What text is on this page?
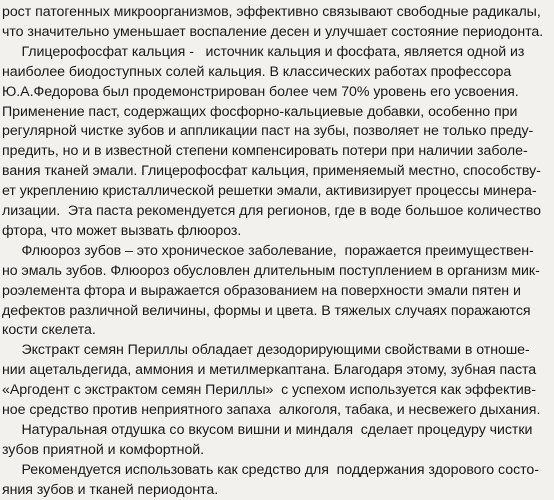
рост патогенных микроорганизмов, эффективно связывают свободные радикалы,
что значительно уменьшает воспаление десен и улучшает состояние периодонта.
Глицерофосфат кальция -   источник кальция и фосфата, является одной из
наиболее биодоступных солей кальция. В классических работах профессора
Ю.А.Федорова был продемонстрирован более чем 70% уровень его усвоения.
Применение паст, содержащих фосфорно-кальциевые добавки, особенно при
регулярной чистке зубов и аппликации паст на зубы, позволяет не только преду-
предить, но и в известной степени компенсировать потери при наличии заболе-
вания тканей эмали. Глицерофосфат кальция, применяемый местно, способству-
ет укреплению кристаллической решетки эмали, активизирует процессы минера-
лизации.  Эта паста рекомендуется для регионов, где в воде большое количество
фтора, что может вызвать флюороз.
Флюороз зубов – это хроническое заболевание,  поражается преимуществен-
но эмаль зубов. Флюороз обусловлен длительным поступлением в организм мик-
роэлемента фтора и выражается образованием на поверхности эмали пятен и
дефектов различной величины, формы и цвета. В тяжелых случаях поражаются
кости скелета.
Экстракт семян Периллы обладает дезодорирующими свойствами в отноше-
нии ацетальдегида, аммония и метилмеркаптана. Благодаря этому, зубная паста
«Аргодент с экстрактом семян Периллы»  с успехом используется как эффектив-
ное средство против неприятного запаха  алкоголя, табака, и несвежего дыхания.
Натуральная отдушка со вкусом вишни и миндаля  сделает процедуру чистки
зубов приятной и комфортной.
Рекомендуется использовать как средство для  поддержания здорового состо-
яния зубов и тканей периодонта.
